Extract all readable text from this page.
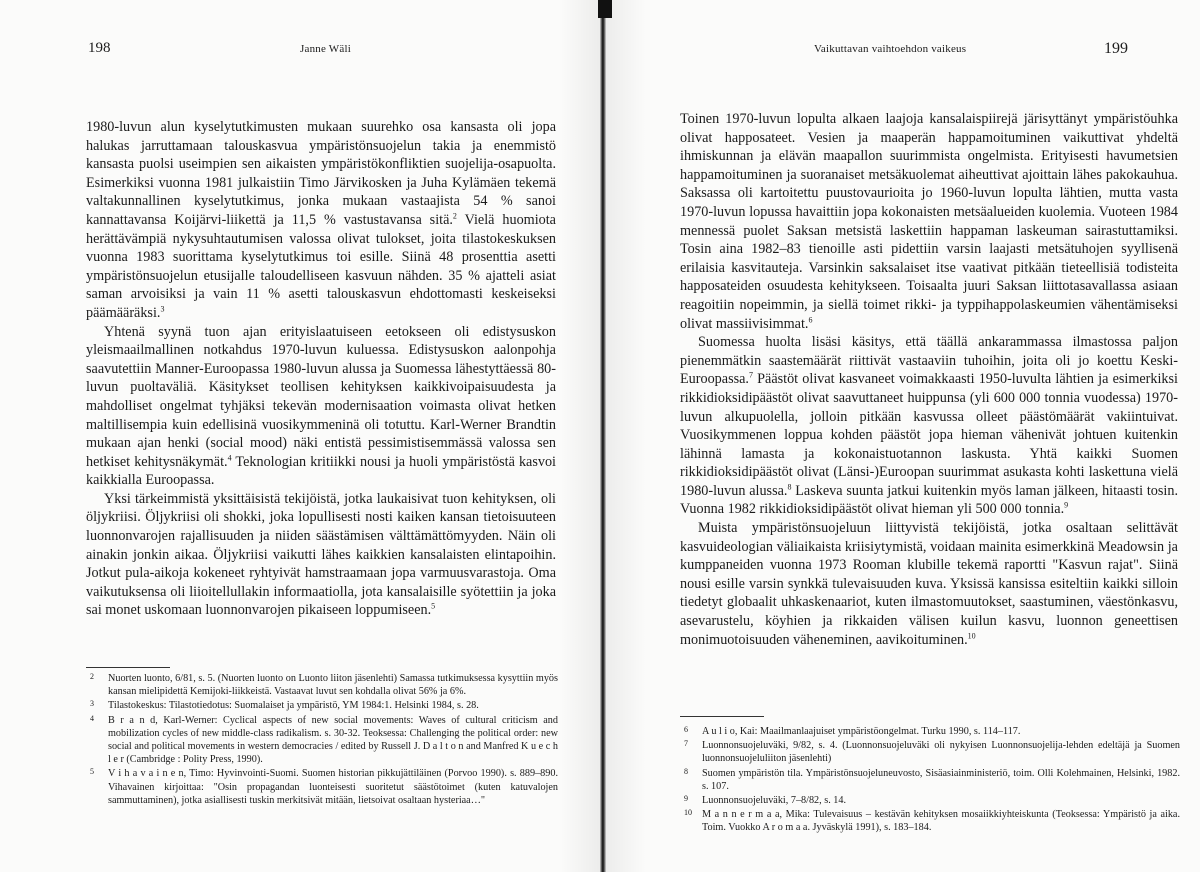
198	Janne Wäli

1980-luvun alun kyselytutkimusten mukaan suurehko osa kansasta oli jopa halukas jarruttamaan talouskasvua ympäristönsuojelun takia ja enemmistö kansasta puolsi useimpien sen aikaisten ympäristökonfliktien suojelija-osapuolta. Esimerkiksi vuonna 1981 julkaistiin Timo Järvikosken ja Juha Kylämäen tekemä valtakunnallinen kyselytutkimus, jonka mukaan vastaajista 54 % sanoi kannattavansa Koijärvi-liikettä ja 11,5 % vastustavansa sitä.$^2$ Vielä huomiota herättävämpiä nykysuhtautumisen valossa olivat tulokset, joita tilastokeskuksen vuonna 1983 suorittama kyselytutkimus toi esille. Siinä 48 prosenttia asetti ympäristönsuojelun etusijalle taloudelliseen kasvuun nähden. 35 % ajatteli asiat saman arvoisiksi ja vain 11 % asetti talouskasvun ehdottomasti keskeiseksi päämääräksi.$^3$

Yhtenä syynä tuon ajan erityislaatuiseen eetokseen oli edistysuskon yleismaailmallinen notkahdus 1970-luvun kuluessa. Edistysuskon aalonpohja saavutettiin Manner-Euroopassa 1980-luvun alussa ja Suomessa lähestyttäessä 80-luvun puoltaväliä. Käsitykset teollisen kehityksen kaikkivoipaisuudesta ja mahdolliset ongelmat tyhjäksi tekevän modernisaation voimasta olivat hetken maltillisempia kuin edellisinä vuosikymmeninä oli totuttu. Karl-Werner Brandtin mukaan ajan henki (social mood) näki entistä pessimistisemmässä valossa sen hetkiset kehitysnäkymät.$^4$ Teknologian kritiikki nousi ja huoli ympäristöstä kasvoi kaikkialla Euroopassa.

Yksi tärkeimmistä yksittäisistä tekijöistä, jotka laukaisivat tuon kehityksen, oli öljykriisi. Öljykriisi oli shokki, joka lopullisesti nosti kaiken kansan tietoisuuteen luonnonvarojen rajallisuuden ja niiden säästämisen välttämättömyyden. Näin oli ainakin jonkin aikaa. Öljykriisi vaikutti lähes kaikkien kansalaisten elintapoihin. Jotkut pula-aikoja kokeneet ryhtyivät hamstraamaan jopa varmuusvarastoja. Oma vaikutuksensa oli liioitellullakin informaatiolla, jota kansalaisille syötettiin ja joka sai monet uskomaan luonnonvarojen pikaiseen loppumiseen.$^5$

2 Nuorten luonto, 6/81, s. 5. (Nuorten luonto on Luonto liiton jäsenlehti) Samassa tutkimuksessa kysyttiin myös kansan mielipidettä Kemijoki-liikkeistä. Vastaavat luvut sen kohdalla olivat 56% ja 6%.
3 Tilastokeskus: Tilastotiedotus: Suomalaiset ja ympäristö, YM 1984:1. Helsinki 1984, s. 28.
4 B r a n d, Karl-Werner: Cyclical aspects of new social movements: Waves of cultural criticism and mobilization cycles of new middle-class radikalism. s. 30-32. Teoksessa: Challenging the political order: new social and political movements in western democracies / edited by Russell J. D a l t o n and Manfred K u e c h l e r (Cambridge : Polity Press, 1990).
5 V i h a v a i n e n, Timo: Hyvinvointi-Suomi. Suomen historian pikkujättiläinen (Porvoo 1990). s. 889–890. Vihavainen kirjoittaa: "Osin propagandan luonteisesti suoritetut säästötoimet (kuten katuvalojen sammuttaminen), jotka asiallisesti tuskin merkitsivät mitään, lietsoivat osaltaan hysteriaa…"
Vaikuttavan vaihtoehdon vaikeus	199

Toinen 1970-luvun lopulta alkaen laajoja kansalaispiirejä järisyttänyt ympäristöuhka olivat happosateet. Vesien ja maaperän happamoituminen vaikuttivat yhdeltä ihmiskunnan ja elävän maapallon suurimmista ongelmista. Erityisesti havumetsien happamoituminen ja suoranaiset metsäkuolemat aiheuttivat ajoittain lähes pakokauhua. Saksassa oli kartoitettu puustovaurioita jo 1960-luvun lopulta lähtien, mutta vasta 1970-luvun lopussa havaittiin jopa kokonaisten metsäalueiden kuolemia. Vuoteen 1984 mennessä puolet Saksan metsistä laskettiin happaman laskeuman sairastuttamiksi. Tosin aina 1982–83 tienoille asti pidettiin varsin laajasti metsätuhojen syyllisenä erilaisia kasvitauteja. Varsinkin saksalaiset itse vaativat pitkään tieteellisiä todisteita happosateiden osuudesta kehitykseen. Toisaalta juuri Saksan liittotasavallassa asiaan reagoitiin nopeimmin, ja siellä toimet rikki- ja typpihappolaskeumien vähentämiseksi olivat massiivisimmat.$^6$

Suomessa huolta lisäsi käsitys, että täällä ankarammassa ilmastossa paljon pienemmätkin saastemäärät riittivät vastaaviin tuhoihin, joita oli jo koettu Keski-Euroopassa.$^7$ Päästöt olivat kasvaneet voimakkaasti 1950-luvulta lähtien ja esimerkiksi rikkidioksidipäästöt olivat saavuttaneet huippunsa (yli 600 000 tonnia vuodessa) 1970-luvun alkupuolella, jolloin pitkään kasvussa olleet päästömäärät vakiintuivat. Vuosikymmenen loppua kohden päästöt jopa hieman vähenivät johtuen kuitenkin lähinnä lamasta ja kokonaistuotannon laskusta. Yhtä kaikki Suomen rikkidioksidipäästöt olivat (Länsi-)Euroopan suurimmat asukasta kohti laskettuna vielä 1980-luvun alussa.$^8$ Laskeva suunta jatkui kuitenkin myös laman jälkeen, hitaasti tosin. Vuonna 1982 rikkidioksidipäästöt olivat hieman yli 500 000 tonnia.$^9$

Muista ympäristönsuojeluun liittyvistä tekijöistä, jotka osaltaan selittävät kasvuideologian väliaikaista kriisiytymistä, voidaan mainita esimerkkinä Meadowsin ja kumppaneiden vuonna 1973 Rooman klubille tekemä raportti "Kasvun rajat". Siinä nousi esille varsin synkkä tulevaisuuden kuva. Yksissä kansissa esiteltiin kaikki silloin tiedetyt globaalit uhkaskenaariot, kuten ilmastomuutokset, saastuminen, väestönkasvu, asevarustelu, köyhien ja rikkaiden välisen kuilun kasvu, luonnon geneettisen monimuotoisuuden väheneminen, aavikoituminen.$^{10}$

6 A u l i o, Kai: Maailmanlaajuiset ympäristöongelmat. Turku 1990, s. 114–117.
7 Luonnonsuojeluväki, 9/82, s. 4. (Luonnonsuojeluväki oli nykyisen Luonnonsuojelija-lehden edeltäjä ja Suomen luonnonsuojeluliiton jäsenlehti)
8 Suomen ympäristön tila. Ympäristönsuojeluneuvosto, Sisäasiainministeriö, toim. Olli Kolehmainen, Helsinki, 1982. s. 107.
9 Luonnonsuojeluväki, 7–8/82, s. 14.
10 M a n n e r m a a, Mika: Tulevaisuus – kestävän kehityksen mosaiikkiyhteiskunta (Teoksessa: Ympäristö ja aika. Toim. Vuokko A r o m a a. Jyväskylä 1991), s. 183–184.
